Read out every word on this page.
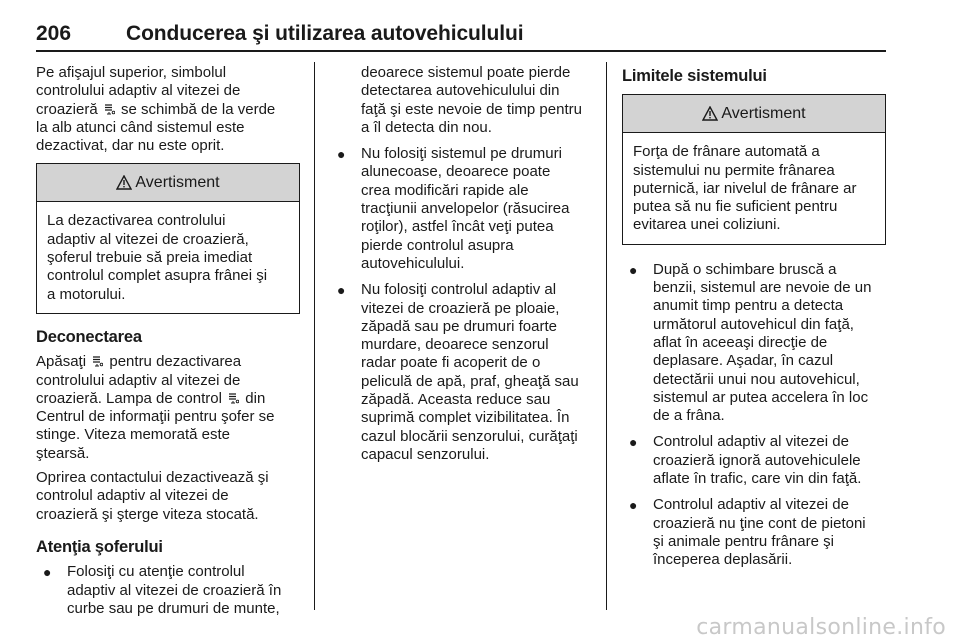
206	Conducerea şi utilizarea autovehiculului

Pe afişajul superior, simbolul
controlului adaptiv al vitezei de
croazieră  se schimbă de la verde
la alb atunci când sistemul este
dezactivat, dar nu este oprit.

Avertisment
La dezactivarea controlului
adaptiv al vitezei de croazieră,
şoferul trebuie să preia imediat
controlul complet asupra frânei şi
a motorului.
Deconectarea

Apăsaţi  pentru dezactivarea
controlului adaptiv al vitezei de
croazieră. Lampa de control  din
Centrul de informaţii pentru şofer se
stinge. Viteza memorată este
ştearsă.

Oprirea contactului dezactivează şi
controlul adaptiv al vitezei de
croazieră şi şterge viteza stocată.

Atenţia şoferului
● Folosiţi cu atenţie controlul
adaptiv al vitezei de croazieră în
curbe sau pe drumuri de munte,

deoarece sistemul poate pierde
detectarea autovehiculului din
faţă şi este nevoie de timp pentru
a îl detecta din nou.

● Nu folosiţi sistemul pe drumuri
alunecoase, deoarece poate
crea modificări rapide ale
tracţiunii anvelopelor (răsucirea
roţilor), astfel încât veţi putea
pierde controlul asupra
autovehiculului.
● Nu folosiţi controlul adaptiv al
vitezei de croazieră pe ploaie,
zăpadă sau pe drumuri foarte
murdare, deoarece senzorul
radar poate fi acoperit de o
peliculă de apă, praf, gheaţă sau
zăpadă. Aceasta reduce sau
suprimă complet vizibilitatea. În
cazul blocării senzorului, curăţaţi
capacul senzorului.
Limitele sistemului
Avertisment
Forţa de frânare automată a
sistemului nu permite frânarea
puternică, iar nivelul de frânare ar
putea să nu fie suficient pentru
evitarea unei coliziuni.
● După o schimbare bruscă a
benzii, sistemul are nevoie de un
anumit timp pentru a detecta
următorul autovehicul din faţă,
aflat în aceeaşi direcţie de
deplasare. Aşadar, în cazul
detectării unui nou autovehicul,
sistemul ar putea accelera în loc
de a frâna.
● Controlul adaptiv al vitezei de
croazieră ignoră autovehiculele
aflate în trafic, care vin din faţă.
● Controlul adaptiv al vitezei de
croazieră nu ţine cont de pietoni
şi animale pentru frânare şi
începerea deplasării.
carmanualsonline.info
